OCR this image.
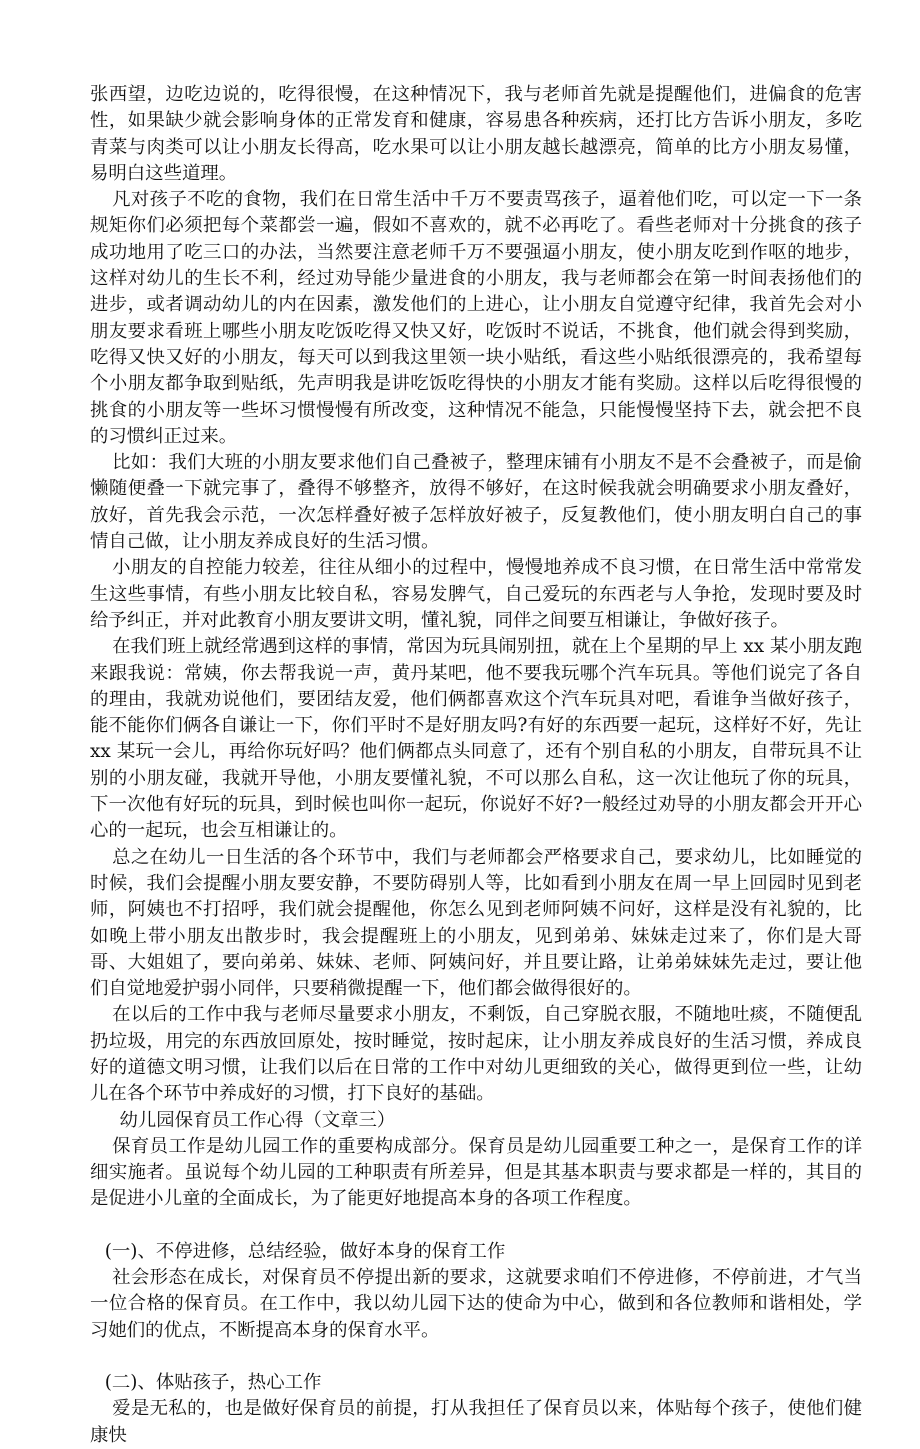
张西望，边吃边说的，吃得很慢，在这种情况下，我与老师首先就是提醒他们，进偏食的危害性，如果缺少就会影响身体的正常发育和健康，容易患各种疾病，还打比方告诉小朋友，多吃青菜与肉类可以让小朋友长得高，吃水果可以让小朋友越长越漂亮，简单的比方小朋友易懂，易明白这些道理。

凡对孩子不吃的食物，我们在日常生活中千万不要责骂孩子，逼着他们吃，可以定一下一条规矩你们必须把每个菜都尝一遍，假如不喜欢的，就不必再吃了。看些老师对十分挑食的孩子成功地用了吃三口的办法，当然要注意老师千万不要强逼小朋友，使小朋友吃到作呕的地步，这样对幼儿的生长不利，经过劝导能少量进食的小朋友，我与老师都会在第一时间表扬他们的进步，或者调动幼儿的内在因素，激发他们的上进心，让小朋友自觉遵守纪律，我首先会对小朋友要求看班上哪些小朋友吃饭吃得又快又好，吃饭时不说话，不挑食，他们就会得到奖励，吃得又快又好的小朋友，每天可以到我这里领一块小贴纸，看这些小贴纸很漂亮的，我希望每个小朋友都争取到贴纸，先声明我是讲吃饭吃得快的小朋友才能有奖励。这样以后吃得很慢的挑食的小朋友等一些坏习惯慢慢有所改变，这种情况不能急，只能慢慢坚持下去，就会把不良的习惯纠正过来。

比如：我们大班的小朋友要求他们自己叠被子，整理床铺有小朋友不是不会叠被子，而是偷懒随便叠一下就完事了，叠得不够整齐，放得不够好，在这时候我就会明确要求小朋友叠好，放好，首先我会示范，一次怎样叠好被子怎样放好被子，反复教他们，使小朋友明白自己的事情自己做，让小朋友养成良好的生活习惯。

小朋友的自控能力较差，往往从细小的过程中，慢慢地养成不良习惯，在日常生活中常常发生这些事情，有些小朋友比较自私，容易发脾气，自己爱玩的东西老与人争抢，发现时要及时给予纠正，并对此教育小朋友要讲文明，懂礼貌，同伴之间要互相谦让，争做好孩子。

在我们班上就经常遇到这样的事情，常因为玩具闹别扭，就在上个星期的早上 xx 某小朋友跑来跟我说：常姨，你去帮我说一声，黄丹某吧，他不要我玩哪个汽车玩具。等他们说完了各自的理由，我就劝说他们，要团结友爱，他们俩都喜欢这个汽车玩具对吧，看谁争当做好孩子，能不能你们俩各自谦让一下，你们平时不是好朋友吗?有好的东西要一起玩，这样好不好，先让 xx 某玩一会儿，再给你玩好吗？他们俩都点头同意了，还有个别自私的小朋友，自带玩具不让别的小朋友碰，我就开导他，小朋友要懂礼貌，不可以那么自私，这一次让他玩了你的玩具，下一次他有好玩的玩具，到时候也叫你一起玩，你说好不好?一般经过劝导的小朋友都会开开心心的一起玩，也会互相谦让的。

总之在幼儿一日生活的各个环节中，我们与老师都会严格要求自己，要求幼儿，比如睡觉的时候，我们会提醒小朋友要安静，不要防碍别人等，比如看到小朋友在周一早上回园时见到老师，阿姨也不打招呼，我们就会提醒他，你怎么见到老师阿姨不问好，这样是没有礼貌的，比如晚上带小朋友出散步时，我会提醒班上的小朋友，见到弟弟、妹妹走过来了，你们是大哥哥、大姐姐了，要向弟弟、妹妹、老师、阿姨问好，并且要让路，让弟弟妹妹先走过，要让他们自觉地爱护弱小同伴，只要稍微提醒一下，他们都会做得很好的。

在以后的工作中我与老师尽量要求小朋友，不剩饭，自己穿脱衣服，不随地吐痰，不随便乱扔垃圾，用完的东西放回原处，按时睡觉，按时起床，让小朋友养成良好的生活习惯，养成良好的道德文明习惯，让我们以后在日常的工作中对幼儿更细致的关心，做得更到位一些，让幼儿在各个环节中养成好的习惯，打下良好的基础。

幼儿园保育员工作心得（文章三）

保育员工作是幼儿园工作的重要构成部分。保育员是幼儿园重要工种之一，是保育工作的详细实施者。虽说每个幼儿园的工种职责有所差异，但是其基本职责与要求都是一样的，其目的是促进小儿童的全面成长，为了能更好地提高本身的各项工作程度。

(一)、不停进修，总结经验，做好本身的保育工作

社会形态在成长，对保育员不停提出新的要求，这就要求咱们不停进修，不停前进，才气当一位合格的保育员。在工作中，我以幼儿园下达的使命为中心，做到和各位教师和谐相处，学习她们的优点，不断提高本身的保育水平。

(二)、体贴孩子，热心工作

爱是无私的，也是做好保育员的前提，打从我担任了保育员以来，体贴每个孩子，使他们健康快
